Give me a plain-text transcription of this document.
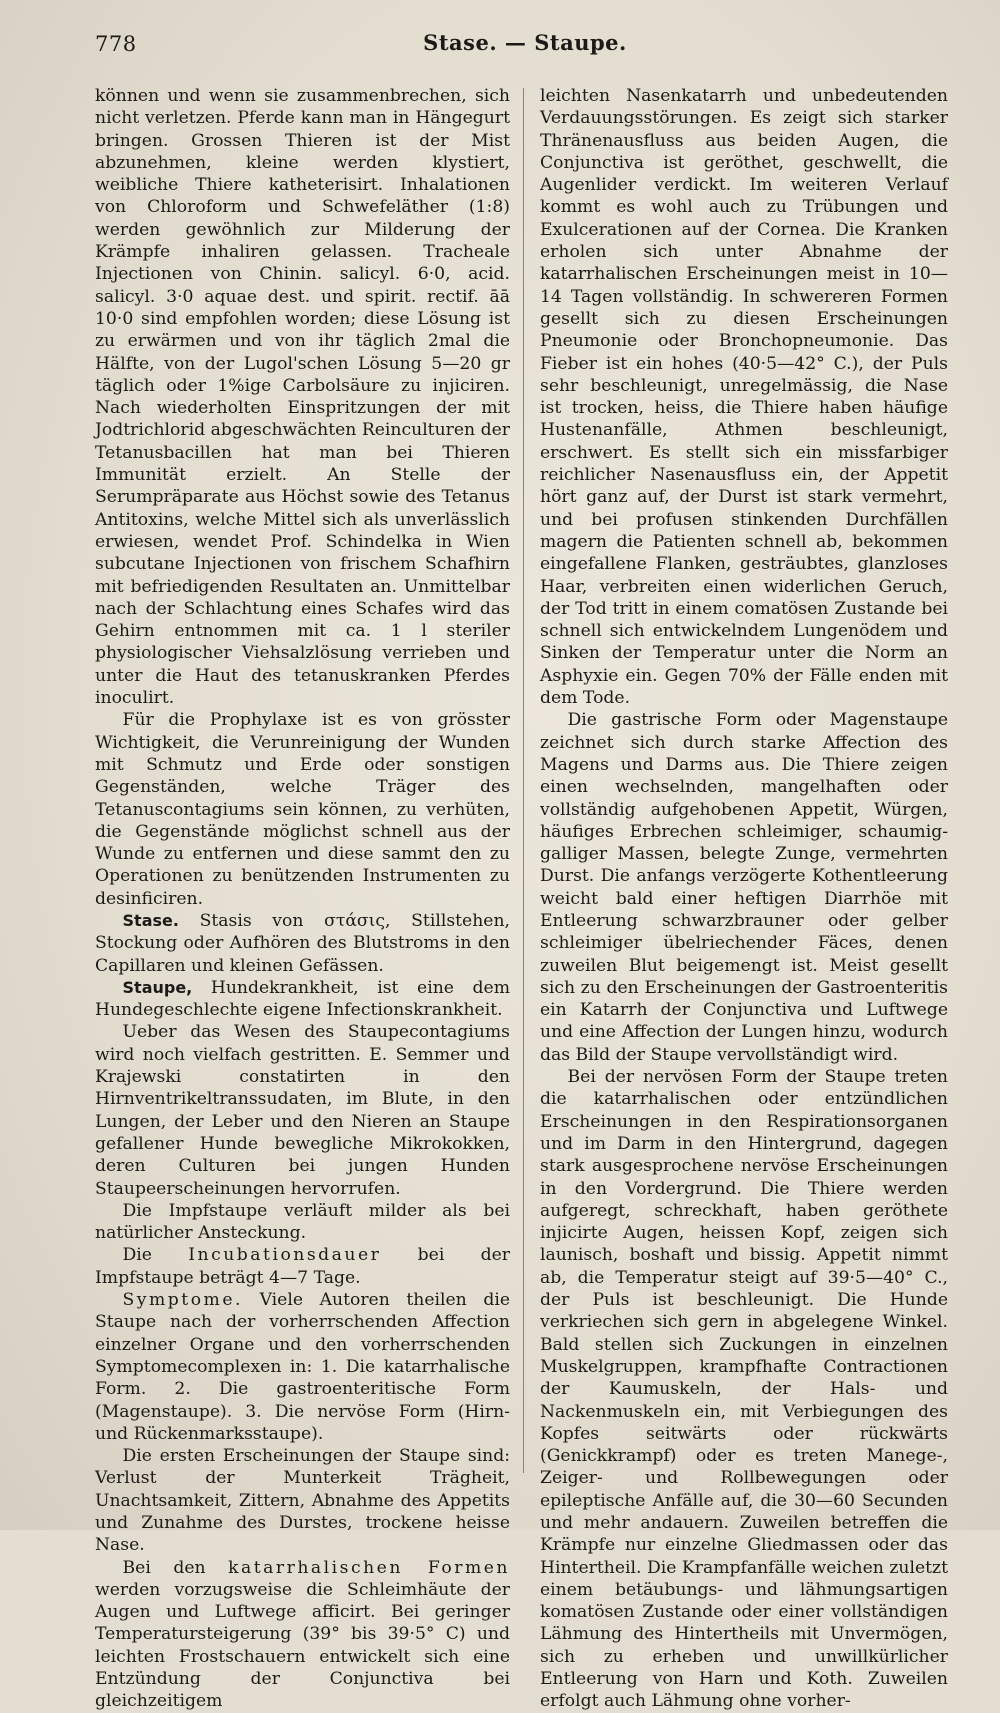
778	Stase. — Staupe.

können und wenn sie zusammenbrechen, sich nicht verletzen. Pferde kann man in Hängegurt bringen. Grossen Thieren ist der Mist abzunehmen, kleine werden klystiert, weibliche Thiere katheterisirt. Inhalationen von Chloroform und Schwefeläther (1:8) werden gewöhnlich zur Milderung der Krämpfe inhaliren gelassen. Tracheale Injectionen von Chinin. salicyl. 6·0, acid. salicyl. 3·0 aquae dest. und spirit. rectif. āā 10·0 sind empfohlen worden; diese Lösung ist zu erwärmen und von ihr täglich 2mal die Hälfte, von der Lugol'schen Lösung 5—20 gr täglich oder 1%ige Carbolsäure zu injiciren. Nach wiederholten Einspritzungen der mit Jodtrichlorid abgeschwächten Reinculturen der Tetanusbacillen hat man bei Thieren Immunität erzielt. An Stelle der Serumpräparate aus Höchst sowie des Tetanus Antitoxins, welche Mittel sich als unverlässlich erwiesen, wendet Prof. Schindelka in Wien subcutane Injectionen von frischem Schafhirn mit befriedigenden Resultaten an. Unmittelbar nach der Schlachtung eines Schafes wird das Gehirn entnommen mit ca. 1 l steriler physiologischer Viehsalzlösung verrieben und unter die Haut des tetanuskranken Pferdes inoculirt.

Für die Prophylaxe ist es von grösster Wichtigkeit, die Verunreinigung der Wunden mit Schmutz und Erde oder sonstigen Gegenständen, welche Träger des Tetanuscontagiums sein können, zu verhüten, die Gegenstände möglichst schnell aus der Wunde zu entfernen und diese sammt den zu Operationen zu benützenden Instrumenten zu desinficiren.

Stase. Stasis von στάσις, Stillstehen, Stockung oder Aufhören des Blutstroms in den Capillaren und kleinen Gefässen.

Staupe, Hundekrankheit, ist eine dem Hundegeschlechte eigene Infectionskrankheit.

Ueber das Wesen des Staupecontagiums wird noch vielfach gestritten. E. Semmer und Krajewski constatirten in den Hirnventrikeltranssudaten, im Blute, in den Lungen, der Leber und den Nieren an Staupe gefallener Hunde bewegliche Mikrokokken, deren Culturen bei jungen Hunden Staupeerscheinungen hervorrufen.

Die Impfstaupe verläuft milder als bei natürlicher Ansteckung.

Die Incubationsdauer bei der Impfstaupe beträgt 4—7 Tage.

Symptome. Viele Autoren theilen die Staupe nach der vorherrschenden Affection einzelner Organe und den vorherrschenden Symptomecomplexen in: 1. Die katarrhalische Form. 2. Die gastroenteritische Form (Magenstaupe). 3. Die nervöse Form (Hirn- und Rückenmarksstaupe).

Die ersten Erscheinungen der Staupe sind: Verlust der Munterkeit Trägheit, Unachtsamkeit, Zittern, Abnahme des Appetits und Zunahme des Durstes, trockene heisse Nase.

Bei den katarrhalischen Formen werden vorzugsweise die Schleimhäute der Augen und Luftwege afficirt. Bei geringer Temperatursteigerung (39° bis 39·5° C) und leichten Frostschauern entwickelt sich eine Entzündung der Conjunctiva bei gleichzeitigem

leichten Nasenkatarrh und unbedeutenden Verdauungsstörungen. Es zeigt sich starker Thränenausfluss aus beiden Augen, die Conjunctiva ist geröthet, geschwellt, die Augenlider verdickt. Im weiteren Verlauf kommt es wohl auch zu Trübungen und Exulcerationen auf der Cornea. Die Kranken erholen sich unter Abnahme der katarrhalischen Erscheinungen meist in 10—14 Tagen vollständig. In schwereren Formen gesellt sich zu diesen Erscheinungen Pneumonie oder Bronchopneumonie. Das Fieber ist ein hohes (40·5—42° C.), der Puls sehr beschleunigt, unregelmässig, die Nase ist trocken, heiss, die Thiere haben häufige Hustenanfälle, Athmen beschleunigt, erschwert. Es stellt sich ein missfarbiger reichlicher Nasenausfluss ein, der Appetit hört ganz auf, der Durst ist stark vermehrt, und bei profusen stinkenden Durchfällen magern die Patienten schnell ab, bekommen eingefallene Flanken, gesträubtes, glanzloses Haar, verbreiten einen widerlichen Geruch, der Tod tritt in einem comatösen Zustande bei schnell sich entwickelndem Lungenödem und Sinken der Temperatur unter die Norm an Asphyxie ein. Gegen 70% der Fälle enden mit dem Tode.

Die gastrische Form oder Magenstaupe zeichnet sich durch starke Affection des Magens und Darms aus. Die Thiere zeigen einen wechselnden, mangelhaften oder vollständig aufgehobenen Appetit, Würgen, häufiges Erbrechen schleimiger, schaumig-galliger Massen, belegte Zunge, vermehrten Durst. Die anfangs verzögerte Kothentleerung weicht bald einer heftigen Diarrhöe mit Entleerung schwarzbrauner oder gelber schleimiger übelriechender Fäces, denen zuweilen Blut beigemengt ist. Meist gesellt sich zu den Erscheinungen der Gastroenteritis ein Katarrh der Conjunctiva und Luftwege und eine Affection der Lungen hinzu, wodurch das Bild der Staupe vervollständigt wird.

Bei der nervösen Form der Staupe treten die katarrhalischen oder entzündlichen Erscheinungen in den Respirationsorganen und im Darm in den Hintergrund, dagegen stark ausgesprochene nervöse Erscheinungen in den Vordergrund. Die Thiere werden aufgeregt, schreckhaft, haben geröthete injicirte Augen, heissen Kopf, zeigen sich launisch, boshaft und bissig. Appetit nimmt ab, die Temperatur steigt auf 39·5—40° C., der Puls ist beschleunigt. Die Hunde verkriechen sich gern in abgelegene Winkel. Bald stellen sich Zuckungen in einzelnen Muskelgruppen, krampfhafte Contractionen der Kaumuskeln, der Hals- und Nackenmuskeln ein, mit Verbiegungen des Kopfes seitwärts oder rückwärts (Genickkrampf) oder es treten Manege-, Zeiger- und Rollbewegungen oder epileptische Anfälle auf, die 30—60 Secunden und mehr andauern. Zuweilen betreffen die Krämpfe nur einzelne Gliedmassen oder das Hintertheil. Die Krampfanfälle weichen zuletzt einem betäubungs- und lähmungsartigen komatösen Zustande oder einer vollständigen Lähmung des Hintertheils mit Unvermögen, sich zu erheben und unwillkürlicher Entleerung von Harn und Koth. Zuweilen erfolgt auch Lähmung ohne vorher-
